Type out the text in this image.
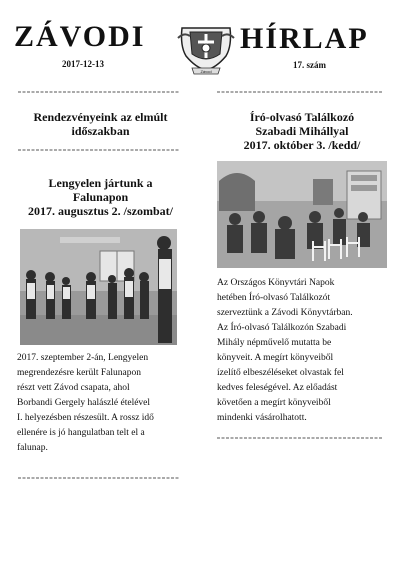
ZÁVODI	HÍRLAP
Závod
2017-12-13	17. szám
Rendezvényeink az elmúlt
időszakban
Lengyelen jártunk a
Falunapon
2017. augusztus 2. /szombat/
2017. szeptember 2-án, Lengyelen
megrendezésre került Falunapon
részt vett Závod csapata, ahol
Borbandi Gergely halászlé ételével
I. helyezésben részesült. A rossz idő
ellenére is jó hangulatban telt el a
falunap.
Író-olvasó Találkozó
Szabadi Mihállyal
2017. október 3. /kedd/
Az Országos Könyvtári Napok
hetében Író-olvasó Találkozót
szerveztünk a Závodi Könyvtárban.
Az Író-olvasó Találkozón Szabadi
Mihály népművelő mutatta be
könyveit. A megírt könyveiből
ízelítő elbeszéléseket olvastak fel
kedves feleségével. Az előadást
követően a megírt könyveiből
mindenki vásárolhatott.
